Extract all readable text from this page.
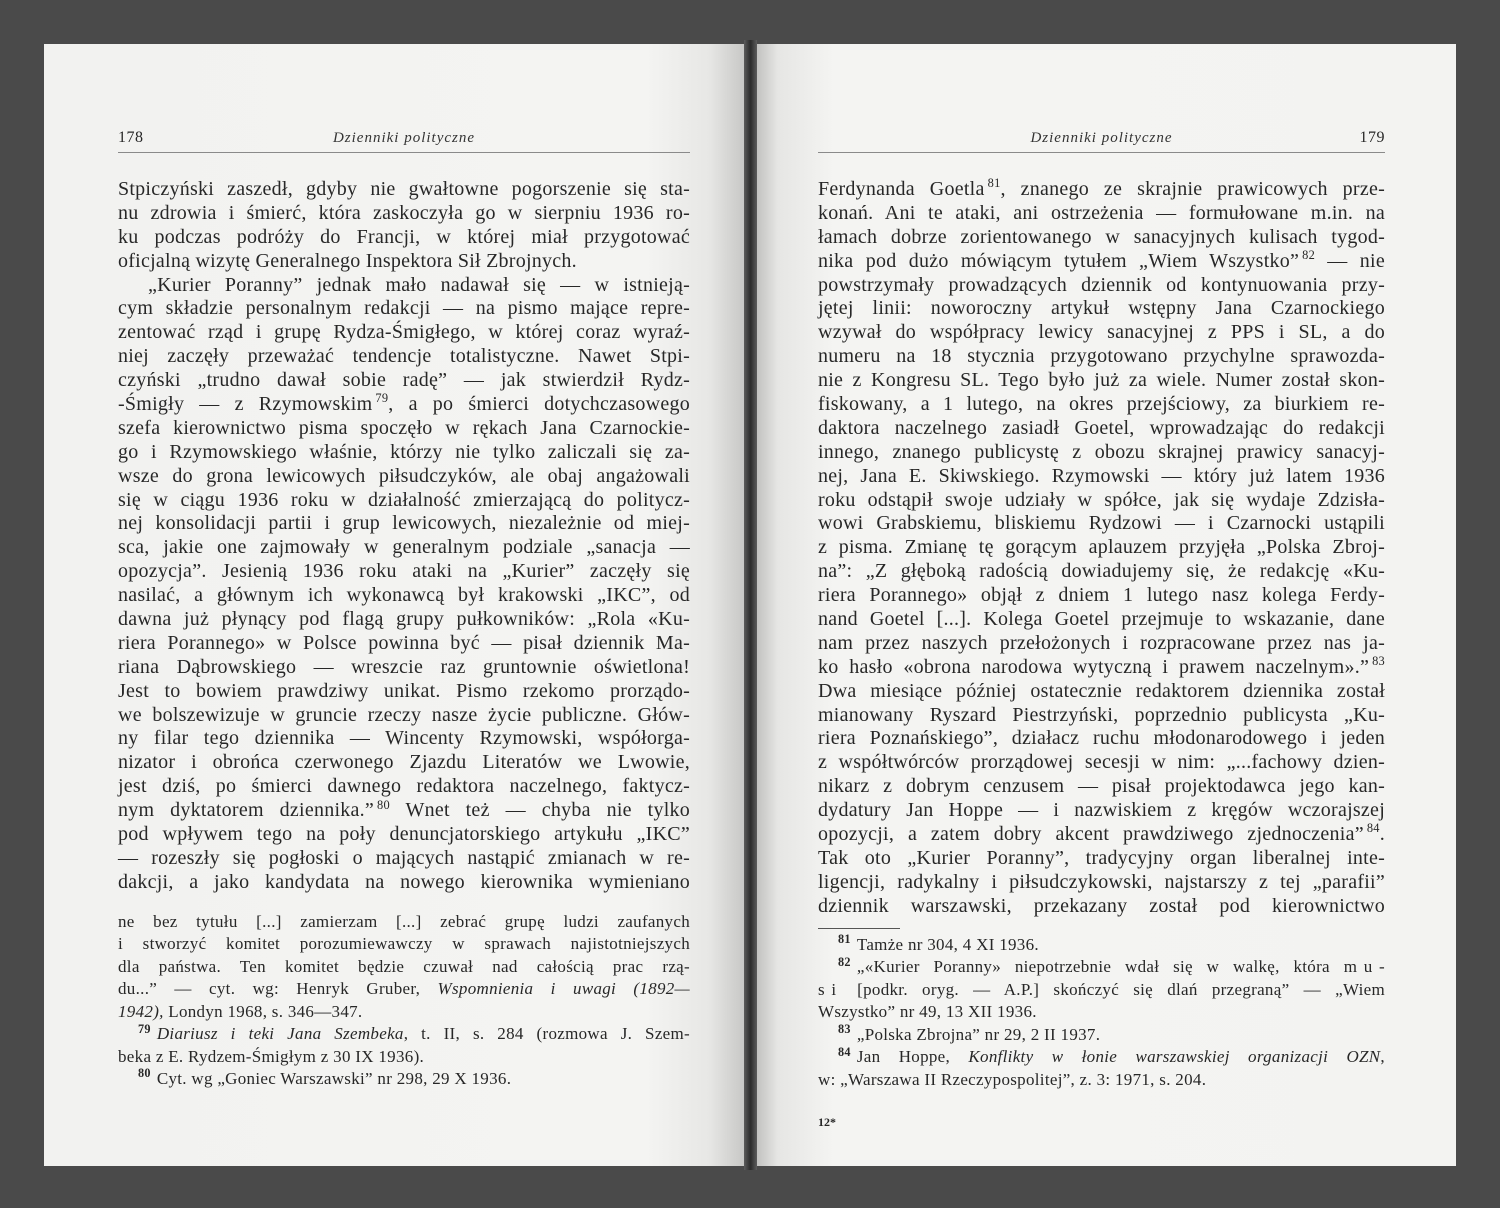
178	Dzienniki polityczne
Stpiczyński zaszedł, gdyby nie gwałtowne pogorszenie się sta-
nu zdrowia i śmierć, która zaskoczyła go w sierpniu 1936 ro-
ku podczas podróży do Francji, w której miał przygotować
oficjalną wizytę Generalnego Inspektora Sił Zbrojnych.
„Kurier Poranny” jednak mało nadawał się — w istnieją-
cym składzie personalnym redakcji — na pismo mające repre-
zentować rząd i grupę Rydza-Śmigłego, w której coraz wyraź-
niej zaczęły przeważać tendencje totalistyczne. Nawet Stpi-
czyński „trudno dawał sobie radę” — jak stwierdził Rydz-
-Śmigły — z Rzymowskim $^{79}$, a po śmierci dotychczasowego
szefa kierownictwo pisma spoczęło w rękach Jana Czarnockie-
go i Rzymowskiego właśnie, którzy nie tylko zaliczali się za-
wsze do grona lewicowych piłsudczyków, ale obaj angażowali
się w ciągu 1936 roku w działalność zmierzającą do politycz-
nej konsolidacji partii i grup lewicowych, niezależnie od miej-
sca, jakie one zajmowały w generalnym podziale „sanacja —
opozycja”. Jesienią 1936 roku ataki na „Kurier” zaczęły się
nasilać, a głównym ich wykonawcą był krakowski „IKC”, od
dawna już płynący pod flagą grupy pułkowników: „Rola «Ku-
riera Porannego» w Polsce powinna być — pisał dziennik Ma-
riana Dąbrowskiego — wreszcie raz gruntownie oświetlona!
Jest to bowiem prawdziwy unikat. Pismo rzekomo prorządo-
we bolszewizuje w gruncie rzeczy nasze życie publiczne. Głów-
ny filar tego dziennika — Wincenty Rzymowski, współorga-
nizator i obrońca czerwonego Zjazdu Literatów we Lwowie,
jest dziś, po śmierci dawnego redaktora naczelnego, faktycz-
nym dyktatorem dziennika.” $^{80}$ Wnet też — chyba nie tylko
pod wpływem tego na poły denuncjatorskiego artykułu „IKC”
— rozeszły się pogłoski o mających nastąpić zmianach w re-
dakcji, a jako kandydata na nowego kierownika wymieniano
ne bez tytułu [...] zamierzam [...] zebrać grupę ludzi zaufanych
i stworzyć komitet porozumiewawczy w sprawach najistotniejszych
dla państwa. Ten komitet będzie czuwał nad całością prac rzą-
du...” — cyt. wg: Henryk Gruber, Wspomnienia i uwagi (1892—
1942), Londyn 1968, s. 346—347.
$^{79}$ Diariusz i teki Jana Szembeka, t. II, s. 284 (rozmowa J. Szem-
beka z E. Rydzem-Śmigłym z 30 IX 1936).
$^{80}$ Cyt. wg „Goniec Warszawski” nr 298, 29 X 1936.
Dzienniki polityczne	179
Ferdynanda Goetla $^{81}$, znanego ze skrajnie prawicowych prze-
konań. Ani te ataki, ani ostrzeżenia — formułowane m.in. na
łamach dobrze zorientowanego w sanacyjnych kulisach tygod-
nika pod dużo mówiącym tytułem „Wiem Wszystko” $^{82}$ — nie
powstrzymały prowadzących dziennik od kontynuowania przy-
jętej linii: noworoczny artykuł wstępny Jana Czarnockiego
wzywał do współpracy lewicy sanacyjnej z PPS i SL, a do
numeru na 18 stycznia przygotowano przychylne sprawozda-
nie z Kongresu SL. Tego było już za wiele. Numer został skon-
fiskowany, a 1 lutego, na okres przejściowy, za biurkiem re-
daktora naczelnego zasiadł Goetel, wprowadzając do redakcji
innego, znanego publicystę z obozu skrajnej prawicy sanacyj-
nej, Jana E. Skiwskiego. Rzymowski — który już latem 1936
roku odstąpił swoje udziały w spółce, jak się wydaje Zdzisła-
wowi Grabskiemu, bliskiemu Rydzowi — i Czarnocki ustąpili
z pisma. Zmianę tę gorącym aplauzem przyjęła „Polska Zbroj-
na”: „Z głęboką radością dowiadujemy się, że redakcję «Ku-
riera Porannego» objął z dniem 1 lutego nasz kolega Ferdy-
nand Goetel [...]. Kolega Goetel przejmuje to wskazanie, dane
nam przez naszych przełożonych i rozpracowane przez nas ja-
ko hasło «obrona narodowa wytyczną i prawem naczelnym».” $^{83}$
Dwa miesiące później ostatecznie redaktorem dziennika został
mianowany Ryszard Piestrzyński, poprzednio publicysta „Ku-
riera Poznańskiego”, działacz ruchu młodonarodowego i jeden
z współtwórców prorządowej secesji w nim: „...fachowy dzien-
nikarz z dobrym cenzusem — pisał projektodawca jego kan-
dydatury Jan Hoppe — i nazwiskiem z kręgów wczorajszej
opozycji, a zatem dobry akcent prawdziwego zjednoczenia” $^{84}$.
Tak oto „Kurier Poranny”, tradycyjny organ liberalnej inte-
ligencji, radykalny i piłsudczykowski, najstarszy z tej „parafii”
dziennik warszawski, przekazany został pod kierownictwo
$^{81}$ Tamże nr 304, 4 XI 1936.
$^{82}$ „«Kurier Poranny» niepotrzebnie wdał się w walkę, która mu-
si [podkr. oryg. — A.P.] skończyć się dlań przegraną” — „Wiem
Wszystko” nr 49, 13 XII 1936.
$^{83}$ „Polska Zbrojna” nr 29, 2 II 1937.
$^{84}$ Jan Hoppe, Konflikty w łonie warszawskiej organizacji OZN,
w: „Warszawa II Rzeczypospolitej”, z. 3: 1971, s. 204.
12*
